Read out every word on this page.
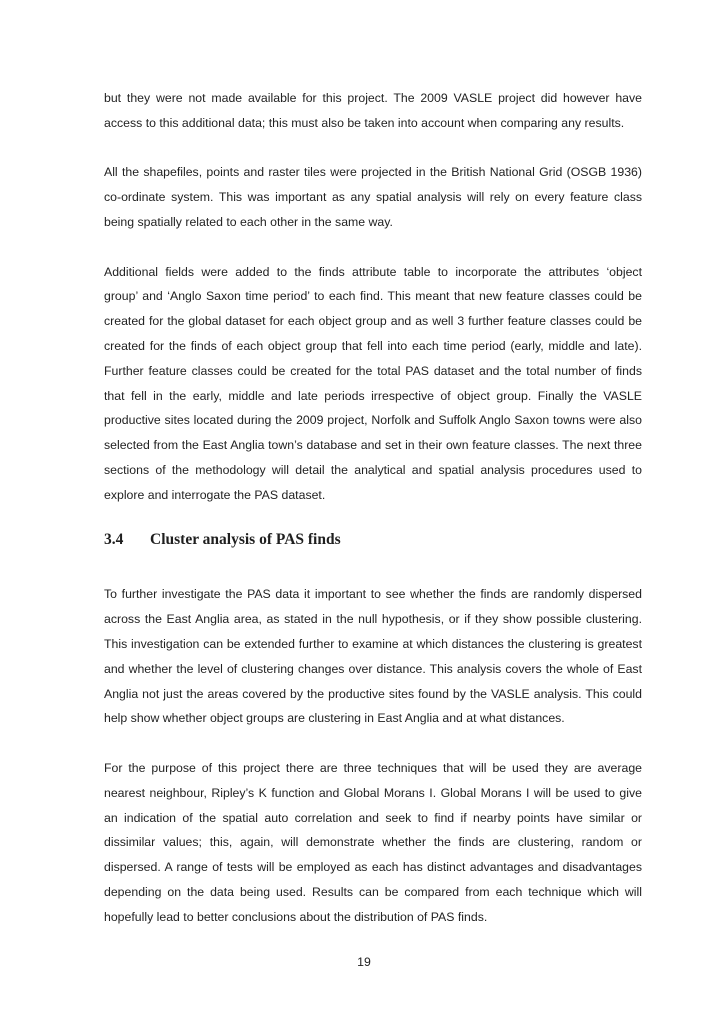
but they were not made available for this project. The 2009 VASLE project did however have
access to this additional data; this must also be taken into account when comparing any results.
All the shapefiles, points and raster tiles were projected in the British National Grid (OSGB 1936)
co-ordinate system. This was important as any spatial analysis will rely on every feature class
being spatially related to each other in the same way.
Additional fields were added to the finds attribute table to incorporate the attributes ‘object
group’ and ‘Anglo Saxon time period’ to each find. This meant that new feature classes could be
created for the global dataset for each object group and as well 3 further feature classes could be
created for the finds of each object group that fell into each time period (early, middle and late).
Further feature classes could be created for the total PAS dataset and the total number of finds
that fell in the early, middle and late periods irrespective of object group. Finally the VASLE
productive sites located during the 2009 project, Norfolk and Suffolk Anglo Saxon towns were also
selected from the East Anglia town’s database and set in their own feature classes. The next three
sections of the methodology will detail the analytical and spatial analysis procedures used to
explore and interrogate the PAS dataset.
3.4	Cluster analysis of PAS finds
To further investigate the PAS data it important to see whether the finds are randomly dispersed
across the East Anglia area, as stated in the null hypothesis, or if they show possible clustering.
This investigation can be extended further to examine at which distances the clustering is greatest
and whether the level of clustering changes over distance. This analysis covers the whole of East
Anglia not just the areas covered by the productive sites found by the VASLE analysis. This could
help show whether object groups are clustering in East Anglia and at what distances.
For the purpose of this project there are three techniques that will be used they are average
nearest neighbour, Ripley’s K function and Global Morans I. Global Morans I will be used to give
an indication of the spatial auto correlation and seek to find if nearby points have similar or
dissimilar values; this, again, will demonstrate whether the finds are clustering, random or
dispersed. A range of tests will be employed as each has distinct advantages and disadvantages
depending on the data being used. Results can be compared from each technique which will
hopefully lead to better conclusions about the distribution of PAS finds.
19
